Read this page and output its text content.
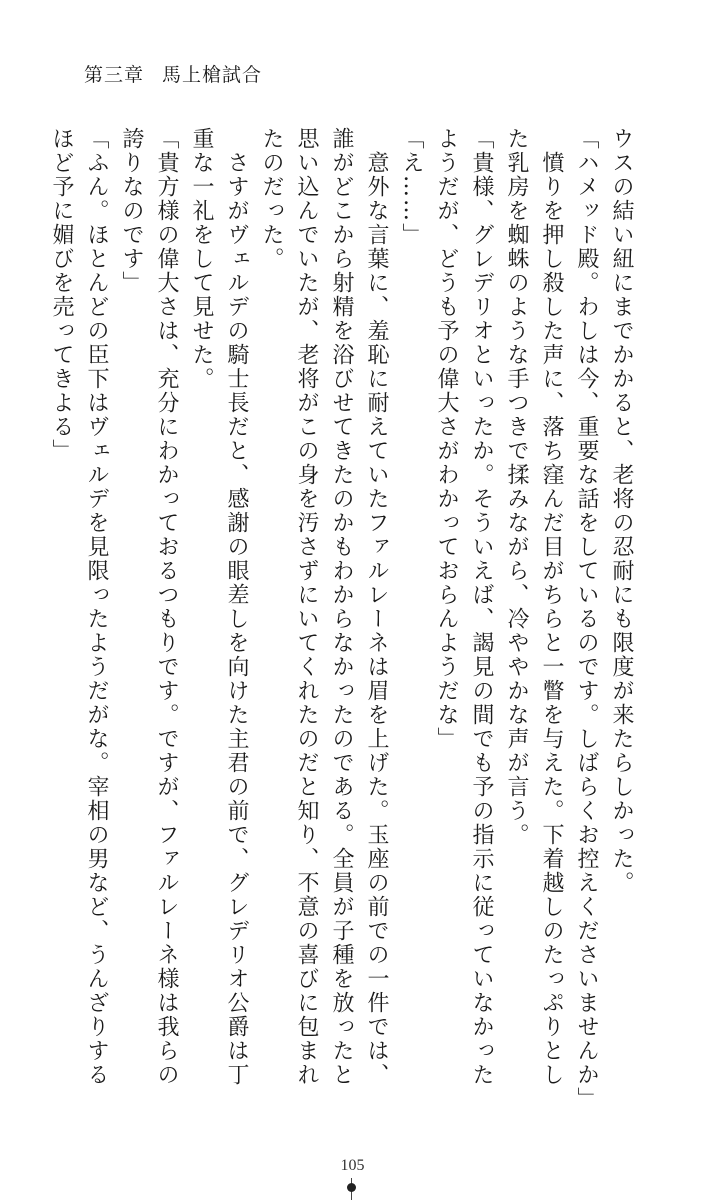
第三章 馬上槍試合
ウスの結い紐にまでかかると、老将の忍耐にも限度が来たらしかった。
「ハメッド殿。わしは今、重要な話をしているのです。しばらくお控えくださいませんか」
　憤りを押し殺した声に、落ち窪んだ目がちらと一瞥を与えた。下着越しのたっぷりとし
た乳房を蜘蛛のような手つきで揉みながら、冷ややかな声が言う。
「貴様、グレデリオといったか。そういえば、謁見の間でも予の指示に従っていなかった
ようだが、どうも予の偉大さがわかっておらんようだな」
「え……」
　意外な言葉に、羞恥に耐えていたファルレーネは眉を上げた。玉座の前での一件では、
誰がどこから射精を浴びせてきたのかもわからなかったのである。全員が子種を放ったと
思い込んでいたが、老将がこの身を汚さずにいてくれたのだと知り、不意の喜びに包まれ
たのだった。
　さすがヴェルデの騎士長だと、感謝の眼差しを向けた主君の前で、グレデリオ公爵は丁
重な一礼をして見せた。
「貴方様の偉大さは、充分にわかっておるつもりです。ですが、ファルレーネ様は我らの
誇りなのです」
「ふん。ほとんどの臣下はヴェルデを見限ったようだがな。宰相の男など、うんざりする
ほど予に媚びを売ってきよる」
105
